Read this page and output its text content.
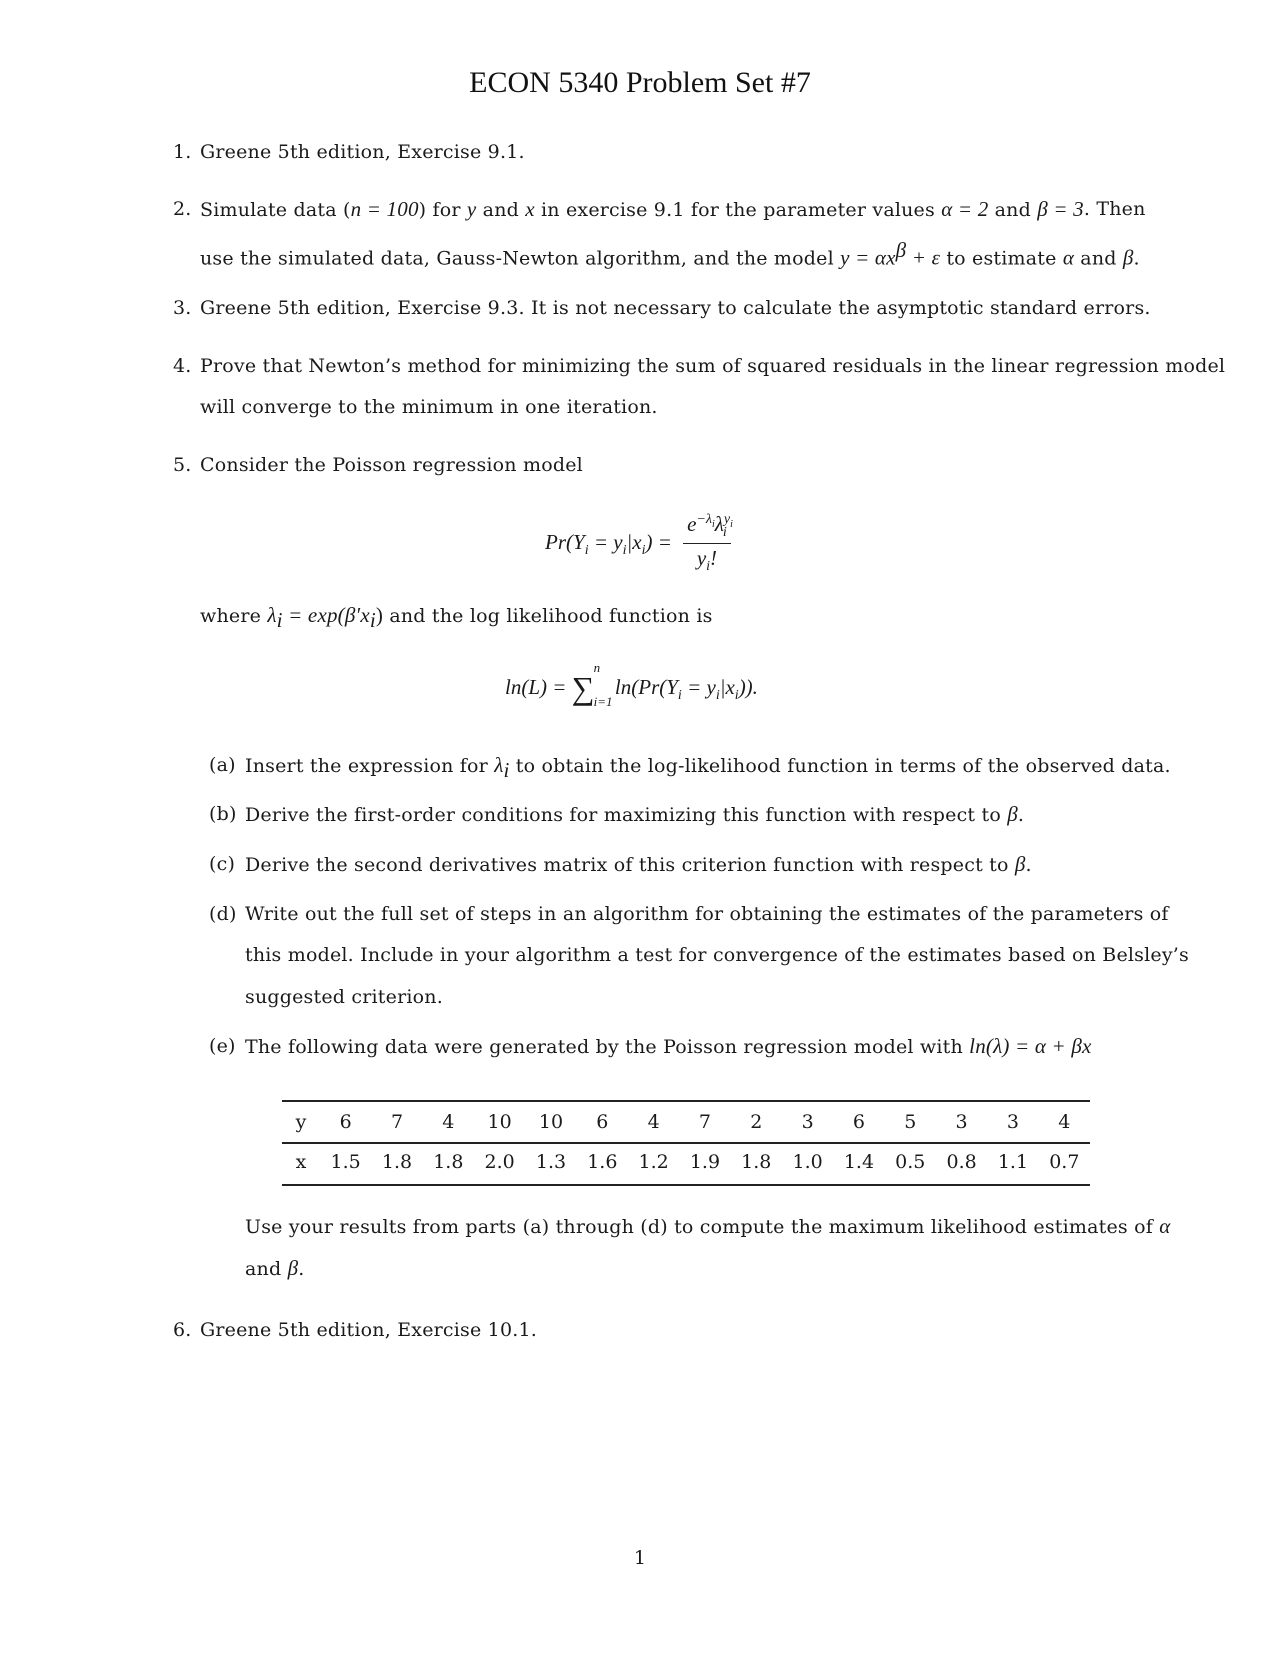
ECON 5340 Problem Set #7
1. Greene 5th edition, Exercise 9.1.
2. Simulate data (n = 100) for y and x in exercise 9.1 for the parameter values α = 2 and β = 3 . Then
use the simulated data, Gauss-Newton algorithm, and the model $y = \alpha x^\beta + \varepsilon$ to estimate α and β.
3. Greene 5th edition, Exercise 9.3. It is not necessary to calculate the asymptotic standard errors.
4. Prove that Newton’s method for minimizing the sum of squared residuals in the linear regression model
will converge to the minimum in one iteration.
5. Consider the Poisson regression model
$Pr(Y_i = y_i|x_i) = \frac{e^{-\lambda_i}\lambda^{y_i}_i}{y_i!}$
where $\lambda_i = \exp(\beta'x_i)$ and the log likelihood function is
ln(L) = ∑
n
i=1
$\ln(Pr(Y_i = y_i|x_i))$.
(a) Insert the expression for $\lambda_i$ to obtain the log-likelihood function in terms of the observed data.
(b) Derive the first-order conditions for maximizing this function with respect to β.
(c) Derive the second derivatives matrix of this criterion function with respect to β.
(d) Write out the full set of steps in an algorithm for obtaining the estimates of the parameters of
this model. Include in your algorithm a test for convergence of the estimates based on Belsley’s
suggested criterion.
(e) The following data were generated by the Poisson regression model with ln(λ) = α + βx
y	6	7	4	10	10	6	4	7	2	3	6	5	3	3	4
x	1.5	1.8	1.8	2.0	1.3	1.6	1.2	1.9	1.8	1.0	1.4	0.5	0.8	1.1	0.7
Use your results from parts (a) through (d) to compute the maximum likelihood estimates of α
and β.
6. Greene 5th edition, Exercise 10.1.
1
